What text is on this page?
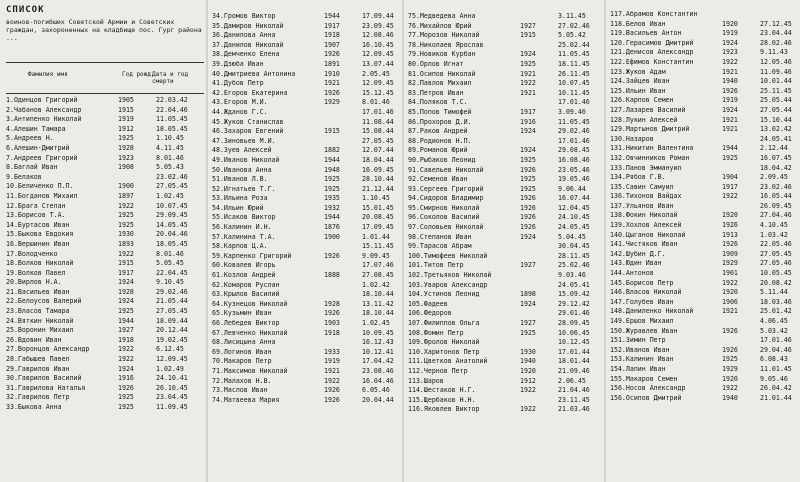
СПИСОК
воинов-погибших Советской Армии и Советских граждан, захороненных на кладбище пос. Гург района ...
Фамилия имя	Год рожд.
Дата и год смерти
1.Одинцов Григорий	1905	22.03.42
2.Чабанов Александр	1915	22.04.46
3.Антипенко Николай	1919	11.05.45
4.Алешин Тамара	1912	18.05.45
5.Андреев Н.	1925	1.10.45
6.Алешин-Дмитрий	1928	4.11.45
7.Андреев Григорий	1923	8.01.46
8.Баглай Иван	1908	5.05.43
9.Белаков	23.02.46
10.Беличенко П.П.	1900	27.05.45
11.Богданов Михаил	1897	1.02.45
12.Брага Степан	1922	10.07.45
13.Борисов Т.А.	1925	29.09.45
14.Буртасов Иван	1925	14.05.45
15.Быкова Евдокия	1930	20.04.46
16.Вершинин Иван	1893	18.05.45
17.Володченко	1922	8.01.46
18.Волков Николай	1915	5.05.45
19.Волков Павел	1917	22.04.45
20.Вирлов Н.А.	1924	9.10.45
21.Васильев Иван	1928	29.02.46
22.Белоусов Валерий	1924	21.05.44
23.Власов Тамара	1925	27.05.45
24.Вяткин Николай	1944	18.09.44
25.Воронин Михаил	1927	20.12.44
26.Вдовин Иван	1918	19.02.45
27.Воронцов Александр	1922	6.12.45
28.Габышев Павел	1922	12.09.45
29.Гаврилов Иван	1924	1.02.49
30.Гаврилов Василий	1916	24.10.41
31.Гаврилова Наталья	1926	26.10.45
32.Гаврилов Петр	1925	23.04.45
33.Быкова Анна	1925	11.09.45
34.Громов Виктор	1944	17.09.44
35.Дамиров Николай	1917	23.09.45
36.Данилова Анна	1918	12.08.46
37.Данилов Николай	1907	16.10.45
38.Демченко Елена	1926	12.09.45
39.Дзюба Иван	1891	13.07.44
40.Дмитриева Антонина	1910	2.05.45
41.Дубов Петр	1921	12.09.45
42.Егоров Екатерина	1926	15.12.45
43.Егоров М.И.	1929	8.01.46
44.Жданов Г.С.	17.01.46
45.Жуков Станислав	11.08.44
46.Захаров Евгений	1915	15.08.44
47.Зиновьев М.И.	27.05.45
48.Зуев Алексей	1882	12.07.44
49.Иванов Николай	1944	18.04.44
50.Иванова Анна	1948	16.09.45
51.Иванов Л.В.	1925	28.10.44
52.Игнатьев Т.Г.	1925	21.12.44
53.Ильина Роза	1935	1.10.45
54.Ильин Юрий	1932	15.01.45
55.Исаков Виктор	1944	20.08.45
56.Калинин И.Н.	1876	17.09.45
57.Калинина Т.А.	1900	1.01.44
58.Карпов Ц.А.	15.11.45
59.Карпенко Григорий	1926	9.09.45
60.Ковалев Игорь	17.07.46
61.Козлов Андрей	1888	27.08.45
62.Комаров Руслан	1.02.42
63.Крылов Василий	18.10.44
64.Кузнецов Николай	1928	13.11.42
65.Кузьмин Иван	1926	18.10.44
66.Лебедев Виктор	1903	1.02.45
67.Левченко Николай	1918	10.09.45
68.Лисицына Анна	16.12.43
69.Логинов Иван	1933	10.12.41
70.Макаров Петр	1919	17.04.42
71.Максимов Николай	1921	23.08.46
72.Малахов Н.В.	1922	16.04.46
73.Маслов Иван	1926	6.05.46
74.Матвеева Мария	1926	20.04.44
75.Медведева Анна	3.11.45
76.Михайлов Юрий	1927	27.02.46
77.Морозов Николай	1915	5.05.42
78.Николаев Ярослав	25.02.44
79.Новиков Курбан	1924	11.05.45
80.Орлов Игнат	1925	18.11.45
81.Осипов Николай	1921	26.11.45
82.Павлов Михаил	1922	10.07.45
83.Петров Иван	1921	10.11.45
84.Поляков Т.С.	17.01.46
85.Попов Тимофей	1917	3.09.46
86.Прохоров Д.И.	1916	11.05.45
87.Раков Андрей	1924	29.02.46
88.Родионов Н.П.	17.01.46
89.Романов Юрий	1924	29.08.45
90.Рыбаков Леонид	1925	16.08.46
91.Савельев Николай	1926	23.05.46
92.Семенов Иван	1925	19.05.46
93.Сергеев Григорий	1925	9.06.44
94.Сидоров Владимир	1926	16.07.44
95.Смирнов Николай	1926	12.04.45
96.Соколов Василий	1926	24.10.45
97.Соловьев Николай	1926	24.05.45
98.Степанов Иван	1924	5.04.45
99.Тарасов Абрам	30.04.45
100.Тимофеев Николай	28.11.45
101.Титов Петр	1927	25.02.46
102.Третьяков Николай	9.03.46
103.Уваров Александр	24.05.41
104.Устинов Леонид	1898	15.09.42
105.Фадеев	1924	29.12.42
106.Федоров	29.01.46
107.Филиппов Ольга	1927	28.09.45
108.Фомин Петр	1925	10.06.45
109.Фролов Николай	10.12.45
110.Харитонов Петр	1930	17.01.44
111.Цветков Анатолий	1940	18.01.44
112.Чернов Петр	1920	21.09.46
113.Шаров	1912	2.06.45
114.Шестаков Н.Г.	1922	21.04.46
115.Щербаков Н.Н.	23.11.45
116.Яковлев Виктор	1922	21.03.46
117.Абрамов Константин
118.Белов Иван	1920	27.12.45
119.Васильев Антон	1919	23.04.44
120.Герасимов Дмитрий	1924	28.02.46
121.Денисов Александр	1923	9.11.43
122.Ефимов Константин	1922	12.05.46
123.Жуков Адам	1921	11.09.46
124.Зайцев Иван	1940	10.01.44
125.Ильин Иван	1926	25.11.45
126.Карпов Семен	1919	25.05.44
127.Лазарев Василий	1924	27.05.44
128.Лукин Алексей	1921	15.10.44
129.Мартынов Дмитрий	1921	13.02.42
130.Назаров	24.05.41
131.Никитин Валентина	1944	2.12.44
132.Овчинников Роман	1925	16.07.45
133.Панов Эммануил	18.04.42
134.Рябов Г.В.	1904	2.09.45
135.Савин Самуил	1917	23.02.46
136.Тихонов Вайдах	1922	16.05.44
137.Ульянов Иван	26.09.45
138.Фокин Николай	1920	27.04.46
139.Хохлов Алексей	1926	4.10.45
140.Цыганов Николай	1913	1.03.42
141.Чистяков Иван	1926	22.05.46
142.Шубин Д.Г.	1909	27.05.45
143.Юдин Иван	1929	27.05.46
144.Антонов	1901	10.05.45
145.Борисов Петр	1922	20.08.42
146.Власов Николай	1920	5.11.44
147.Голубев Иван	1906	18.03.46
148.Даниленко Николай	1921	25.01.42
149.Ершов Михаил	4.06.45
150.Журавлев Иван	1926	5.03.42
151.Зимин Петр	17.01.46
152.Иванов Иван	1926	29.04.46
153.Калинин Иван	1925	6.08.43
154.Лапин Иван	1929	11.01.45
155.Макаров Семен	1920	9.05.46
156.Носов Александр	1922	26.04.42
156.Осипов Дмитрий	1940	21.01.44
